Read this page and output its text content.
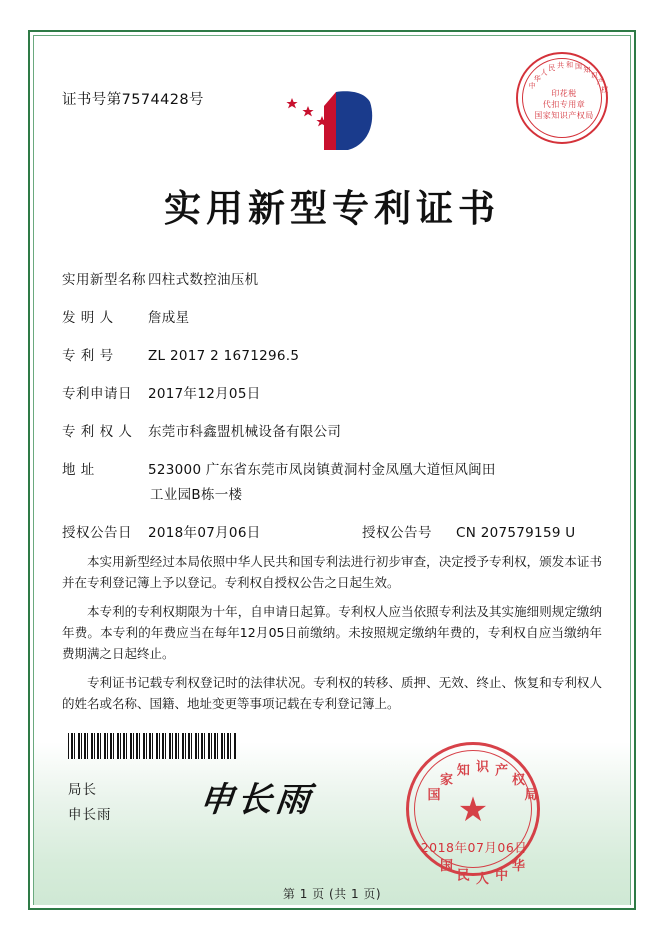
证书号第7574428号
中
华
人
民 共 和 国 知
识
产
权
印花税
代扣专用章
国家知识产权局
实用新型专利证书
实用新型名称 四柱式数控油压机
发 明 人	詹成星
专 利 号	ZL 2017 2 1671296.5
专利申请日	2017年12月05日
专 利 权 人	东莞市科鑫盟机械设备有限公司
地 址	523000 广东省东莞市凤岗镇黄洞村金凤凰大道恒风闽田
工业园B栋一楼
授权公告日	2018年07月06日	授权公告号	CN 207579159 U

本实用新型经过本局依照中华人民共和国专利法进行初步审查，决定授予专利权，颁发本证书并在专利登记簿上予以登记。专利权自授权公告之日起生效。

本专利的专利权期限为十年，自申请日起算。专利权人应当依照专利法及其实施细则规定缴纳年费。本专利的年费应当在每年12月05日前缴纳。未按照规定缴纳年费的，专利权自应当缴纳年费期满之日起终止。

专利证书记载专利权登记时的法律状况。专利权的转移、质押、无效、终止、恢复和专利权人的姓名或名称、国籍、地址变更等事项记载在专利登记簿上。

局长
申长雨	申长雨	国
家
知 识 产
权
局
华
中
人
民
国
★
2018年07月06日
第 1 页 (共 1 页)
